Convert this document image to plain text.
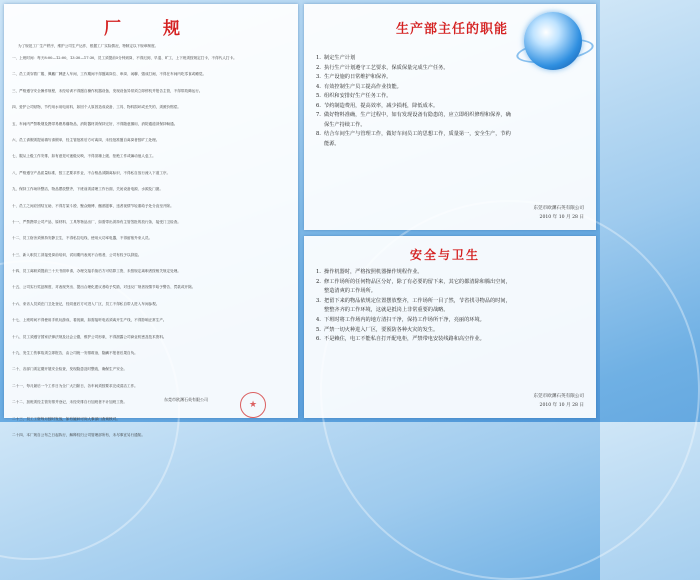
厂 规
为了规范工厂生产秩序，维护公司生产运作，根据工厂实际情况，特制定以下规章制度。
一、上班时间：每天8:00—12:00，13:30—17:30，员工须提前5分钟到岗，不得迟到、早退、旷工，上下班须按规定打卡，不得代人打卡。
二、员工须穿着厂服、佩戴厂牌进入车间，工作期间不得擅离岗位、串岗、闲聊、嬉戏打闹，不得在车间内吃零食或睡觉。
三、严格遵守安全操作规程，未经培训不得擅自操作机器设备，发现设备异常须立即停机并报告主管，不得带故障运行。
四、爱护公司财物，节约用水用电用料，如因个人原因造成设备、工具、物料损坏或丢失的，须照价赔偿。
五、车间内严禁吸烟及携带易燃易爆物品，消防器材须保持完好，不得随意挪用，消防通道须保持畅通。
六、员工请假须提前填写请假单，经主管批准后方可离岗，未经批准擅自离岗者按旷工处理。
七、服从上级工作安排，如有意见可逐级反映，不得顶撞上级、拒绝工作或煽动他人怠工。
八、严格遵守产品质量标准，按工艺要求作业，不合格品须隔离标识，不得私自放行流入下道工序。
九、保持工作场所整洁，物品摆放整齐，下班前须清理工作台面，关闭设备电源、水源及门窗。
十、员工之间应团结互助，不得打架斗殴、聚众赌博、酗酒滋事，违者视情节轻重给予处分直至开除。
十一、严禁携带公司产品、原材料、工具等物品出厂，如需带出须持有主管签批的放行条，接受门卫检查。
十二、员工宿舍须保持安静卫生，不得私拉电线、使用大功率电器，不得留宿外来人员。
十三、新入职员工须接受岗前培训，试用期内表现不合格者，公司有权予以辞退。
十四、员工离职须提前三十天书面申请，办理交接手续后方可结算工资，未按规定离职者按相关规定处理。
十五、公司实行奖惩制度，对表现突出、提出合理化建议者给予奖励，对违反厂规者视情节给予警告、罚款或开除。
十六、来访人员须在门卫处登记，经同意后方可进入厂区，员工不得私自带人进入车间参观。
十七、上班时间不得使用手机玩游戏、看视频，如需接听电话须离开生产线，不得影响正常生产。
十八、员工须遵守国家法律法规及社会公德，维护公司形象，不得泄露公司商业机密及技术资料。
十九、发生工伤事故须立即报告，由公司统一安排救治，隐瞒不报者后果自负。
二十、各部门须定期开展安全检查，发现隐患及时整改，确保生产安全。
二十一、每月最后一个工作日为全厂大扫除日，各车间须按要求完成清洁工作。
二十二、加班须经主管安排并登记，未经安排自行加班者不计加班工资。
二十三、员工工资每月按时发放，如有疑问可向人事部门查询核对。
二十四、本厂规自公布之日起执行，解释权归公司管理部所有，未尽事宜另行通知。
东莞市欧渊石英有限公司
★
生产部主任的职能
1. 制定生产计划
2. 执行生产计划遵守工艺要求，保质保量完成生产任务。
3. 生产设施的日常维护和保养。
4. 有效控制生产员工提高作业技能。
5. 组织和安排好生产任务工作。
6. 节约制造费用，提高效率，减少损耗，降低成本。
7. 做好物料准确，生产过程中，如有发现设备有隐患的，应立即组织修理和保养，确
保生产持续工作。
8. 结合车间生产与管理工作，做好车间员工的思想工作，质量第一，安全生产，节约
能源。
东莞市欧渊石英有限公司
2010 年 10 月 28 日
安全与卫生
1. 操作机器时，严格按照机器操作规程作业。
2. 修工作场所的任何物品区分好，除了有必要的留下来，其它的都清除和腾出空间，
整造清爽的工作场所。
3. 把留下来的物品依规定位置摆放整齐，工作场所一目了然，节省找寻物品的时间，
整整齐齐的工作环境，这就是抵岗上非常重要的战略。
4. 下班时将工作场内的地方清扫干净，保持工作场所干净，亮丽的环境。
5. 严禁一切火种进入厂区，要预防各种火灾的发生。
6. 不是赖住，电工不能私自打开配电柜，严禁带电安装线路和高空作业。
东莞市欧渊石英有限公司
2010 年 10 月 28 日
